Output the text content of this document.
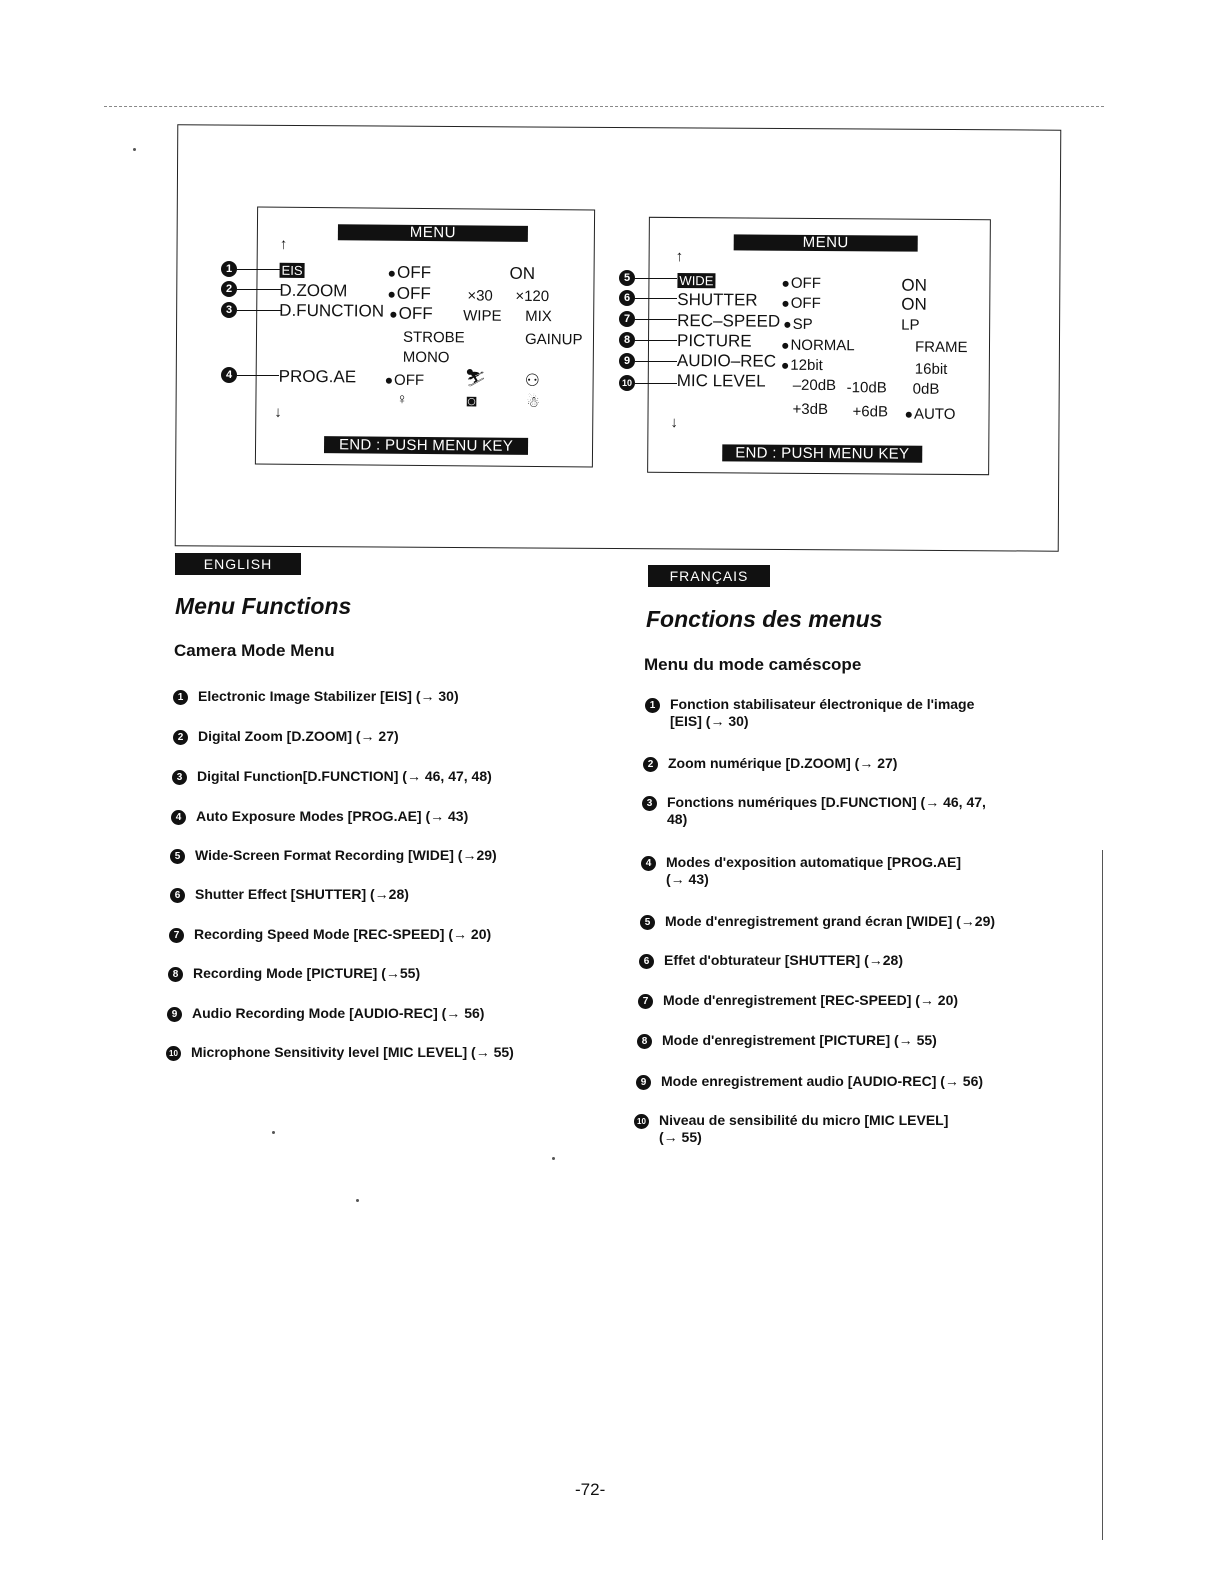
MENU
↑
EIS	● OFF	ON
D.ZOOM	● OFF ×30 ×120
D.FUNCTION ● OFF WIPE MIX
STROBE	GAINUP
MONO
PROG.AE	● OFF ⛷ ⚇
♀	◙	☃
↓
END : PUSH MENU KEY
1
2
3
4
MENU
↑
WIDE	● OFF	ON
SHUTTER	● OFF	ON
REC–SPEED ● SP	LP
PICTURE	● NORMAL	FRAME
AUDIO–REC ● 12bit	16bit
MIC LEVEL –20dB -10dB 0dB
+3dB +6dB	● AUTO
↓
END : PUSH MENU KEY
5
6
7
8
9
10
ENGLISH
Menu Functions
Camera Mode Menu
1 Electronic Image Stabilizer [EIS] (→ 30)
2 Digital Zoom [D.ZOOM] (→ 27)
3 Digital Function[D.FUNCTION] (→ 46, 47, 48)
4 Auto Exposure Modes [PROG.AE] (→ 43)
5 Wide-Screen Format Recording [WIDE] (→29)
6 Shutter Effect [SHUTTER] (→28)
7 Recording Speed Mode [REC-SPEED] (→ 20)
8 Recording Mode [PICTURE] (→55)
9 Audio Recording Mode [AUDIO-REC] (→ 56)
10 Microphone Sensitivity level [MIC LEVEL] (→ 55)
FRANÇAIS
Fonctions des menus
Menu du mode caméscope
1 Fonction stabilisateur électronique de l'image
[EIS] (→ 30)
2 Zoom numérique [D.ZOOM] (→ 27)
3 Fonctions numériques [D.FUNCTION] (→ 46, 47,
48)
4 Modes d'exposition automatique [PROG.AE]
(→ 43)
5 Mode d'enregistrement grand écran [WIDE] (→29)
6 Effet d'obturateur [SHUTTER] (→28)
7 Mode d'enregistrement [REC-SPEED] (→ 20)
8 Mode d'enregistrement [PICTURE] (→ 55)
9 Mode enregistrement audio [AUDIO-REC] (→ 56)
10 Niveau de sensibilité du micro [MIC LEVEL]
(→ 55)
-72-
